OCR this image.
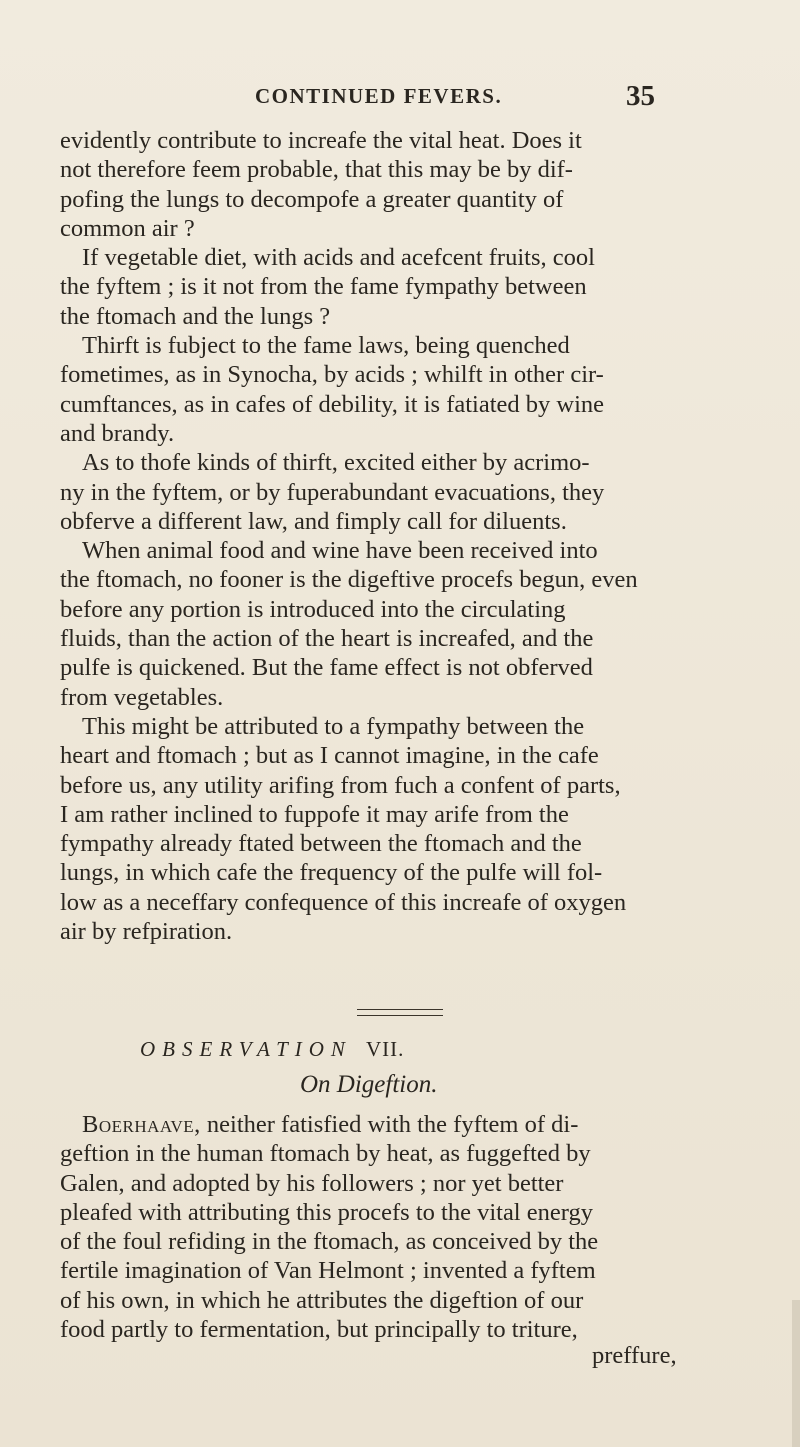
CONTINUED FEVERS.	35
evidently contribute to increafe the vital heat. Does it
not therefore feem probable, that this may be by dif-
pofing the lungs to decompofe a greater quantity of
common air ?
If vegetable diet, with acids and acefcent fruits, cool
the fyftem ; is it not from the fame fympathy between
the ftomach and the lungs ?
Thirft is fubject to the fame laws, being quenched
fometimes, as in Synocha, by acids ; whilft in other cir-
cumftances, as in cafes of debility, it is fatiated by wine
and brandy.
As to thofe kinds of thirft, excited either by acrimo-
ny in the fyftem, or by fuperabundant evacuations, they
obferve a different law, and fimply call for diluents.
When animal food and wine have been received into
the ftomach, no fooner is the digeftive procefs begun, even
before any portion is introduced into the circulating
fluids, than the action of the heart is increafed, and the
pulfe is quickened. But the fame effect is not obferved
from vegetables.
This might be attributed to a fympathy between the
heart and ftomach ; but as I cannot imagine, in the cafe
before us, any utility arifing from fuch a confent of parts,
I am rather inclined to fuppofe it may arife from the
fympathy already ftated between the ftomach and the
lungs, in which cafe the frequency of the pulfe will fol-
low as a neceffary confequence of this increafe of oxygen
air by refpiration.
OBSERVATION VII.
On Digeftion.
Boerhaave, neither fatisfied with the fyftem of di-
geftion in the human ftomach by heat, as fuggefted by
Galen, and adopted by his followers ; nor yet better
pleafed with attributing this procefs to the vital energy
of the foul refiding in the ftomach, as conceived by the
fertile imagination of Van Helmont ; invented a fyftem
of his own, in which he attributes the digeftion of our
food partly to fermentation, but principally to triture,
preffure,
